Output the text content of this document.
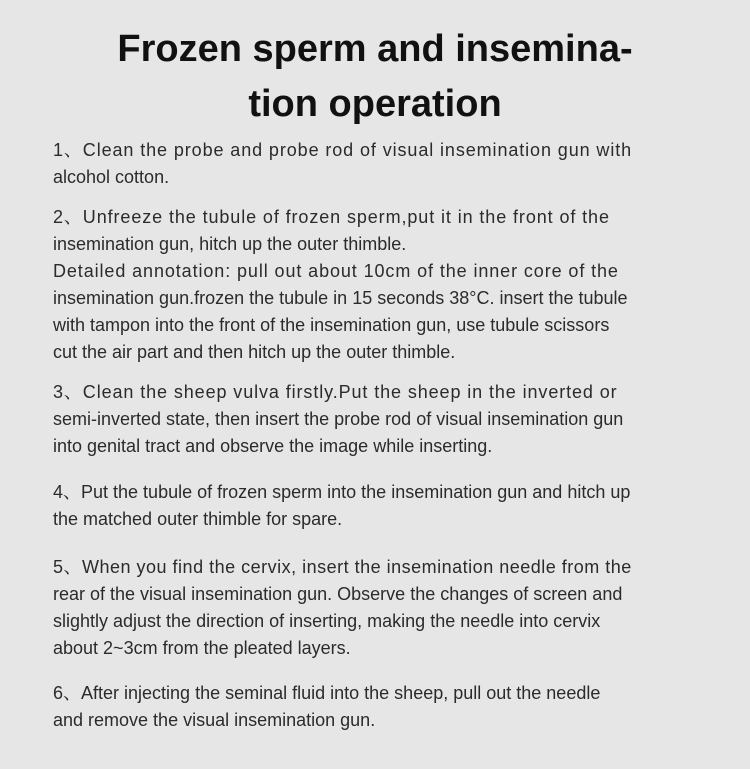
Frozen sperm and insemina-
tion operation
1、Clean the probe and probe rod of visual insemination gun with
alcohol cotton.
2、Unfreeze the tubule of frozen sperm,put it in the front of the
insemination gun, hitch up the outer thimble.
Detailed annotation: pull out about 10cm of the inner core of the
insemination gun.frozen the tubule in 15 seconds 38°C. insert the tubule
with tampon into the front of the insemination gun, use tubule scissors
cut the air part and then hitch up the outer thimble.
3、Clean the sheep vulva firstly.Put the sheep in the inverted or
semi-inverted state, then insert the probe rod of visual insemination gun
into genital tract and observe the image while inserting.
4、Put the tubule of frozen sperm into the insemination gun and hitch up
the matched outer thimble for spare.
5、When you find the cervix, insert the insemination needle from the
rear of the visual insemination gun. Observe the changes of screen and
slightly adjust the direction of inserting, making the needle into cervix
about 2~3cm from the pleated layers.
6、After injecting the seminal fluid into the sheep, pull out the needle
and remove the visual insemination gun.
